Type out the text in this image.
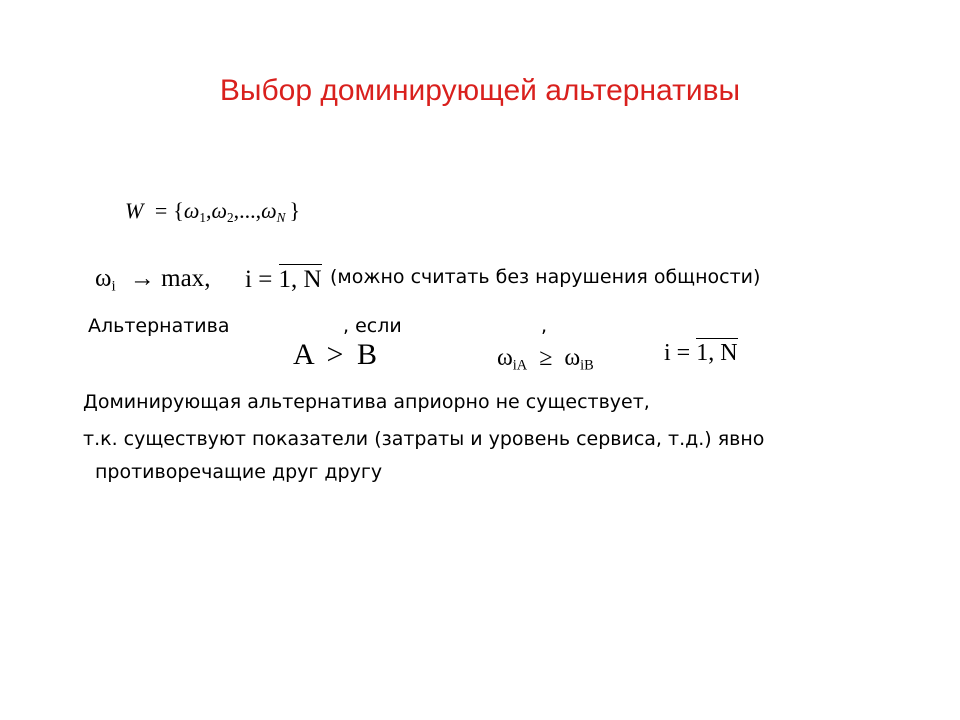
Выбор доминирующей альтернативы
$W = \{\omega_1,\omega_2,...,\omega_N$ }
$\omega_i \to \max$, i = 1, N (можно считать без нарушения общности)
Альтернатива	, если	,
A > B	$\omega_{iA} \ge \omega_{iB}$	i = 1, N
Доминирующая альтернатива априорно не существует,
т.к. существуют показатели (затраты и уровень сервиса, т.д.) явно
противоречащие друг другу
